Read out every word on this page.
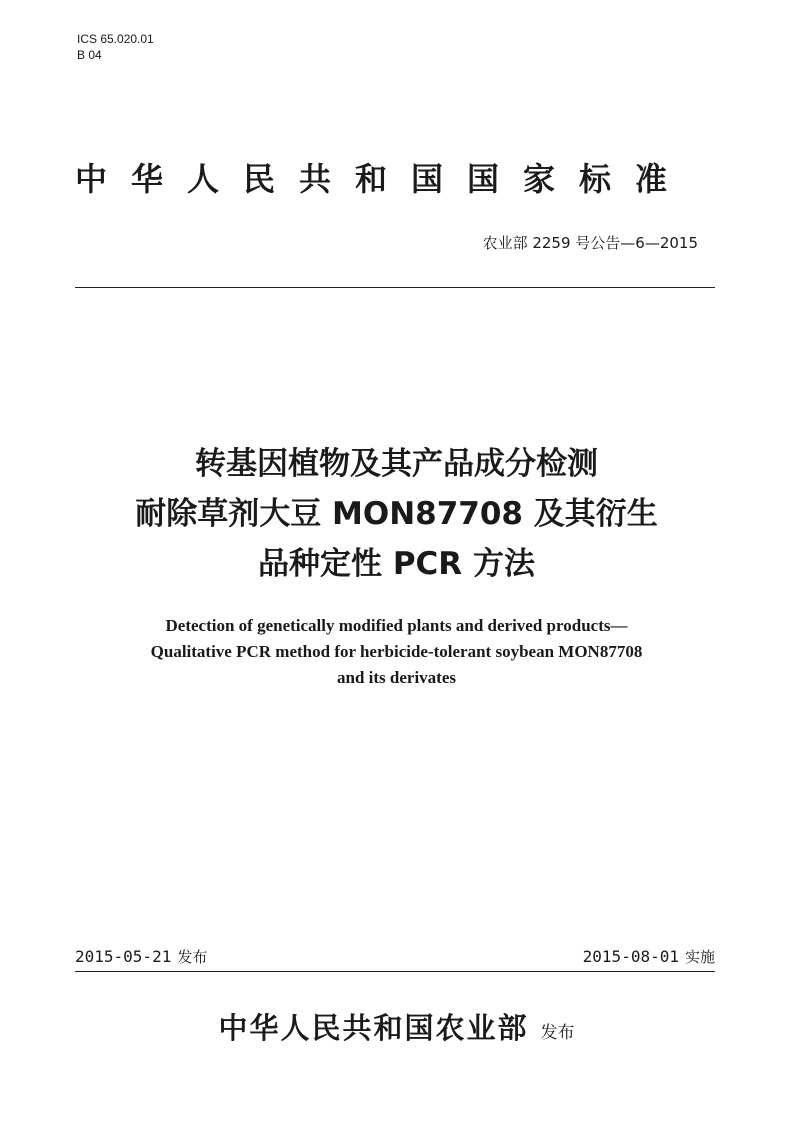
ICS 65.020.01
B 04
中华人民共和国国家标准
农业部 2259 号公告—6—2015
转基因植物及其产品成分检测
耐除草剂大豆 MON87708 及其衍生
品种定性 PCR 方法
Detection of genetically modified plants and derived products—
Qualitative PCR method for herbicide-tolerant soybean MON87708
and its derivates
2015-05-21 发布	2015-08-01 实施
中华人民共和国农业部 发布
